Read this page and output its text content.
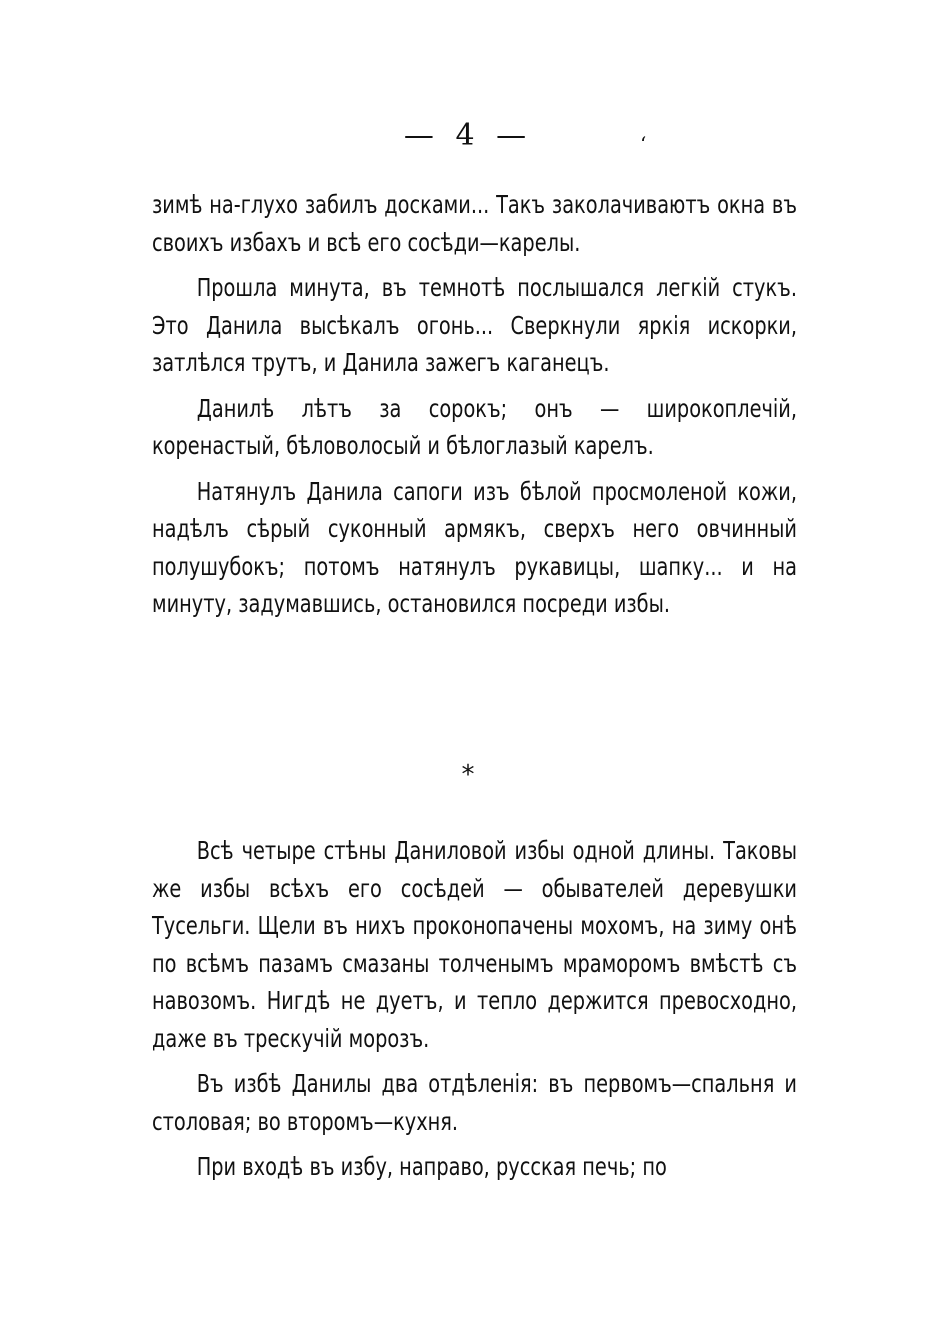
— 4 —	ʻ

зимѣ на-глухо забилъ досками... Такъ заколачиваютъ окна въ своихъ избахъ и всѣ его сосѣди—карелы.

Прошла минута, въ темнотѣ послышался легкій стукъ. Это Данила высѣкалъ огонь... Сверкнули яркія искорки, затлѣлся трутъ, и Данила зажегъ каганецъ.

Данилѣ лѣтъ за сорокъ; онъ — широкоплечій, коренастый, бѣловолосый и бѣлоглазый карелъ.

Натянулъ Данила сапоги изъ бѣлой просмоленой кожи, надѣлъ сѣрый суконный армякъ, сверхъ него овчинный полушубокъ; потомъ натянулъ рукавицы, шапку... и на минуту, задумавшись, остановился посреди избы.

*

Всѣ четыре стѣны Даниловой избы одной длины. Таковы же избы всѣхъ его сосѣдей — обывателей деревушки Тусельги. Щели въ нихъ проконопачены мохомъ, на зиму онѣ по всѣмъ пазамъ смазаны толченымъ мраморомъ вмѣстѣ съ навозомъ. Нигдѣ не дуетъ, и тепло держится превосходно, даже въ трескучій морозъ.

Въ избѣ Данилы два отдѣленія: въ первомъ—спальня и столовая; во второмъ—кухня.

При входѣ въ избу, направо, русская печь; по
